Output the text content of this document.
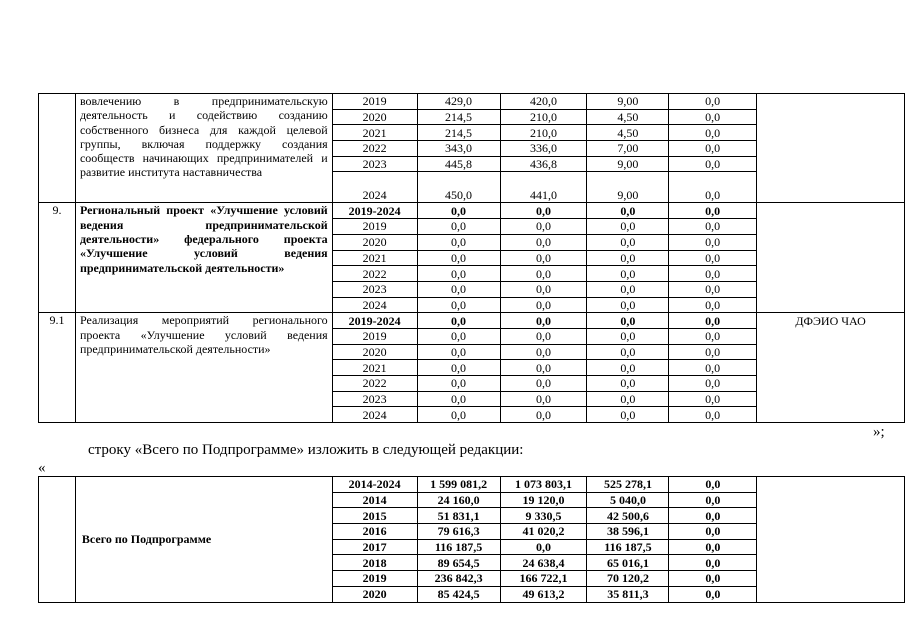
	вовлечению в предпринимательскую деятельность и содействию созданию собственного бизнеса для каждой целевой группы, включая поддержку создания сообществ начинающих предпринимателей и развитие института наставничества	2019	429,0	420,0	9,00	0,0	
		2020	214,5	210,0	4,50	0,0	
		2021	214,5	210,0	4,50	0,0	
		2022	343,0	336,0	7,00	0,0	
		2023	445,8	436,8	9,00	0,0	
		2024	450,0	441,0	9,00	0,0	
9.	Региональный проект «Улучшение условий ведения предпринимательской деятельности» федерального проекта «Улучшение условий ведения предпринимательской деятельности»	2019-2024	0,0	0,0	0,0	0,0	
		2019	0,0	0,0	0,0	0,0	
		2020	0,0	0,0	0,0	0,0	
		2021	0,0	0,0	0,0	0,0	
		2022	0,0	0,0	0,0	0,0	
		2023	0,0	0,0	0,0	0,0	
		2024	0,0	0,0	0,0	0,0	
9.1	Реализация мероприятий регионального проекта «Улучшение условий ведения предпринимательской деятельности»	2019-2024	0,0	0,0	0,0	0,0	ДФЭИО ЧАО
		2019	0,0	0,0	0,0	0,0	
		2020	0,0	0,0	0,0	0,0	
		2021	0,0	0,0	0,0	0,0	
		2022	0,0	0,0	0,0	0,0	
		2023	0,0	0,0	0,0	0,0	
		2024	0,0	0,0	0,0	0,0	
»;
строку «Всего по Подпрограмме» изложить в следующей редакции:
«
	Всего по Подпрограмме	2014-2024	1 599 081,2	1 073 803,1	525 278,1	0,0	
		2014	24 160,0	19 120,0	5 040,0	0,0	
		2015	51 831,1	9 330,5	42 500,6	0,0	
		2016	79 616,3	41 020,2	38 596,1	0,0	
		2017	116 187,5	0,0	116 187,5	0,0	
		2018	89 654,5	24 638,4	65 016,1	0,0	
		2019	236 842,3	166 722,1	70 120,2	0,0	
		2020	85 424,5	49 613,2	35 811,3	0,0	
